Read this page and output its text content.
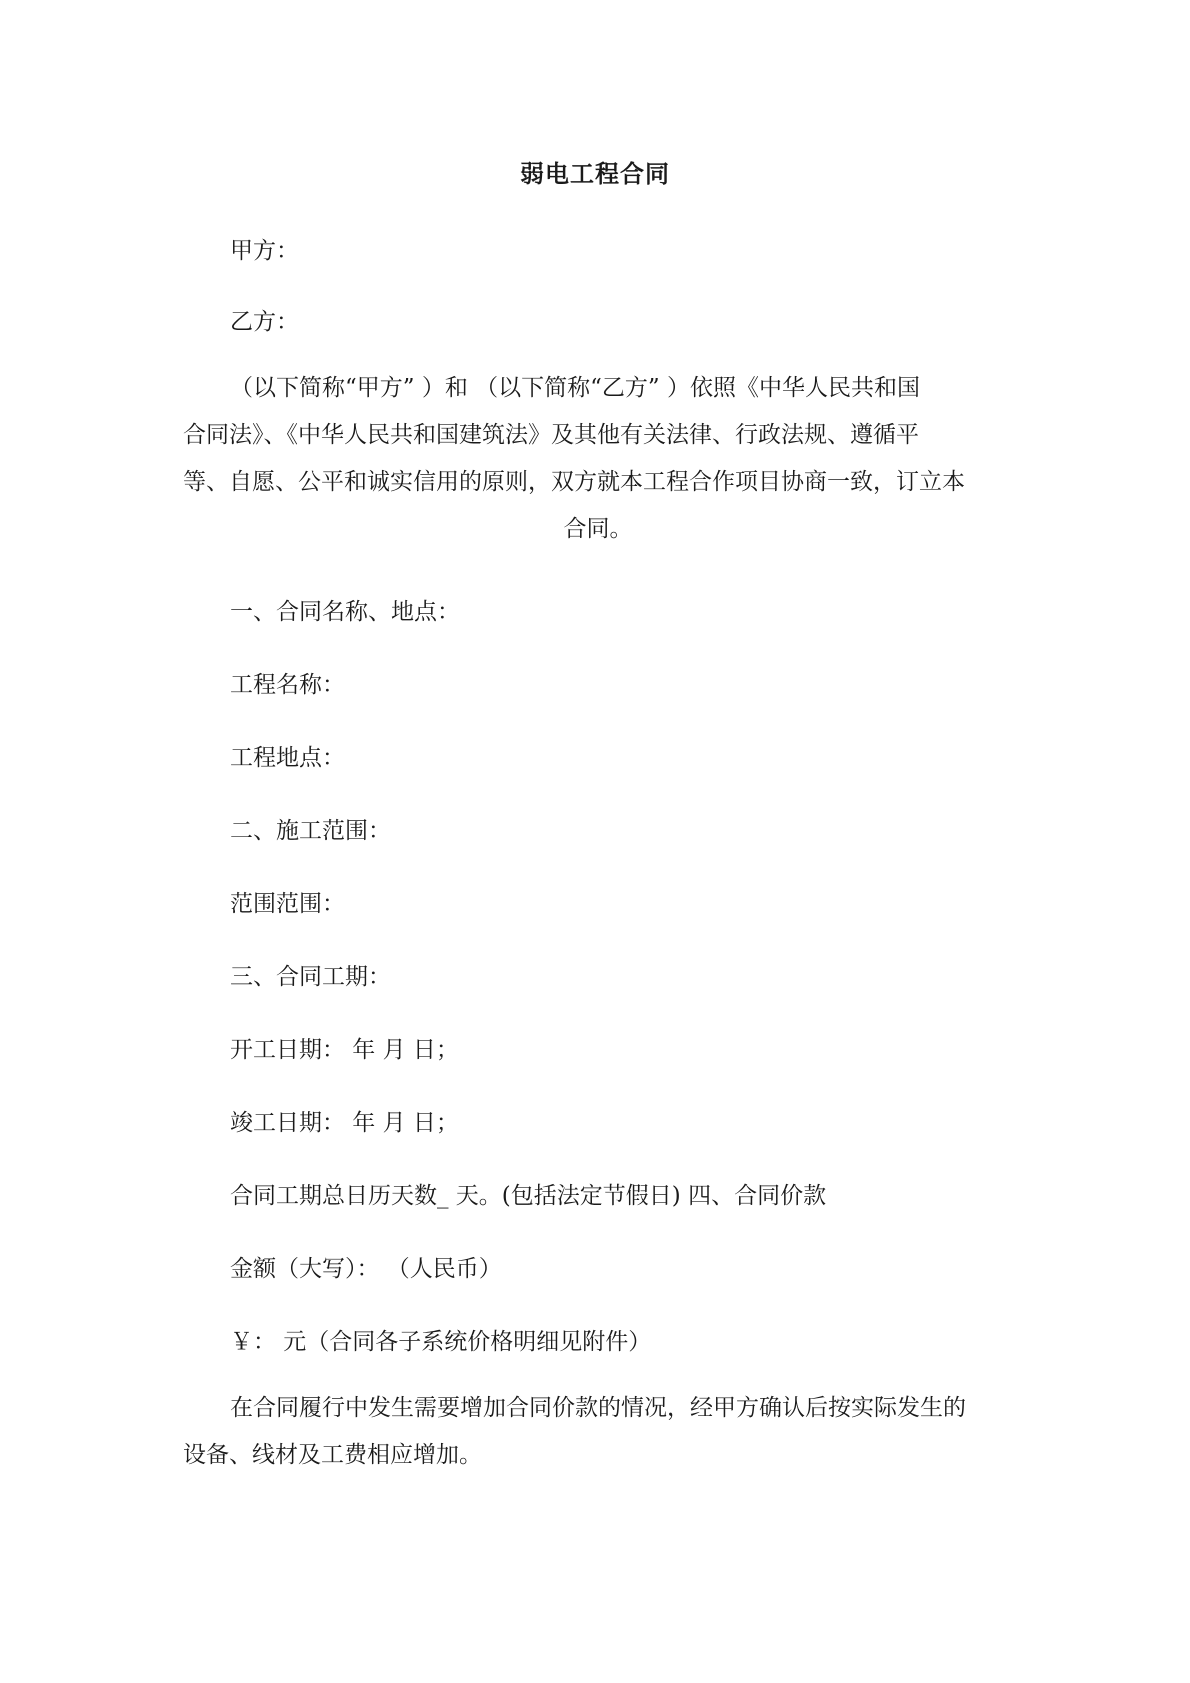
弱电工程合同
甲方：
乙方：
（以下简称“甲方” ）和 （以下简称“乙方” ）依照《中华人民共和国
合同法》、《中华人民共和国建筑法》及其他有关法律、行政法规、遵循平
等、自愿、公平和诚实信用的原则，双方就本工程合作项目协商一致，订立本
合同。
一、合同名称、地点：
工程名称：
工程地点：
二、施工范围：
范围范围：
三、合同工期：
开工日期： 年 月 日；
竣工日期： 年 月 日；
合同工期总日历天数_ 天。(包括法定节假日) 四、合同价款
金额（大写）： （人民币）
￥： 元（合同各子系统价格明细见附件）
在合同履行中发生需要增加合同价款的情况，经甲方确认后按实际发生的
设备、线材及工费相应增加。
